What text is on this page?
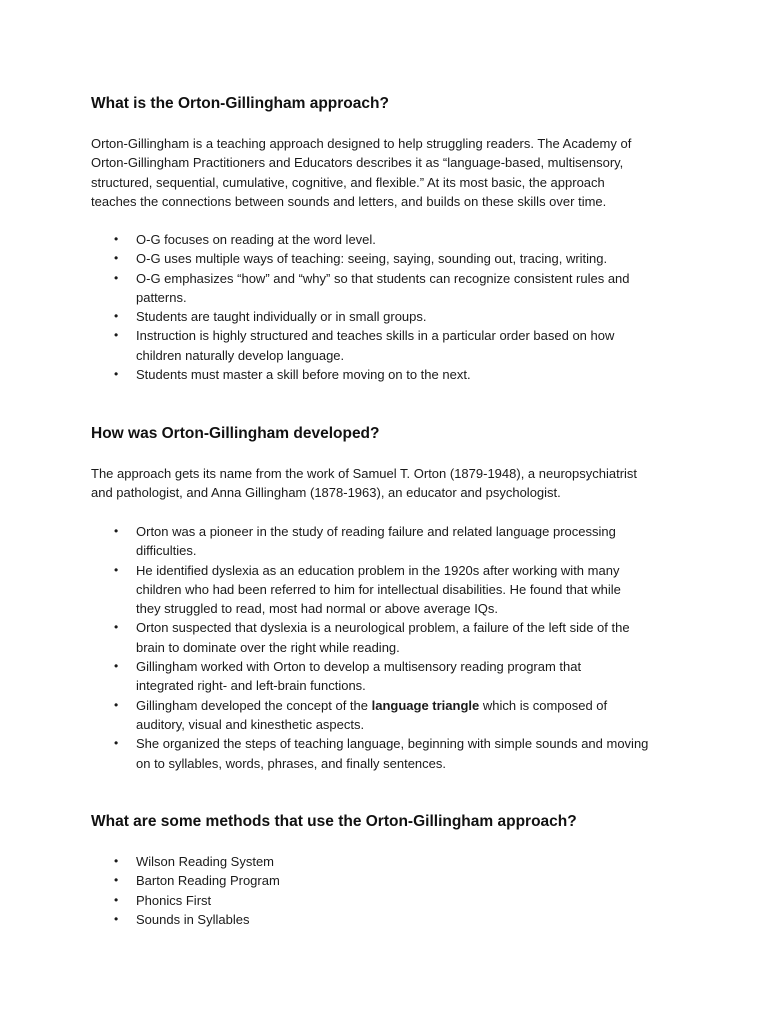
What is the Orton-Gillingham approach?
Orton-Gillingham is a teaching approach designed to help struggling readers. The Academy of
Orton-Gillingham Practitioners and Educators describes it as “language-based, multisensory,
structured, sequential, cumulative, cognitive, and flexible.” At its most basic, the approach
teaches the connections between sounds and letters, and builds on these skills over time.
• O-G focuses on reading at the word level.
• O-G uses multiple ways of teaching: seeing, saying, sounding out, tracing, writing.
• O-G emphasizes “how” and “why” so that students can recognize consistent rules and
patterns.
• Students are taught individually or in small groups.
• Instruction is highly structured and teaches skills in a particular order based on how
children naturally develop language.
• Students must master a skill before moving on to the next.
How was Orton-Gillingham developed?
The approach gets its name from the work of Samuel T. Orton (1879-1948), a neuropsychiatrist
and pathologist, and Anna Gillingham (1878-1963), an educator and psychologist.
• Orton was a pioneer in the study of reading failure and related language processing
difficulties.
• He identified dyslexia as an education problem in the 1920s after working with many
children who had been referred to him for intellectual disabilities. He found that while
they struggled to read, most had normal or above average IQs.
• Orton suspected that dyslexia is a neurological problem, a failure of the left side of the
brain to dominate over the right while reading.
• Gillingham worked with Orton to develop a multisensory reading program that
integrated right- and left-brain functions.
• Gillingham developed the concept of the language triangle which is composed of
auditory, visual and kinesthetic aspects.
• She organized the steps of teaching language, beginning with simple sounds and moving
on to syllables, words, phrases, and finally sentences.
What are some methods that use the Orton-Gillingham approach?
• Wilson Reading System
• Barton Reading Program
• Phonics First
• Sounds in Syllables
